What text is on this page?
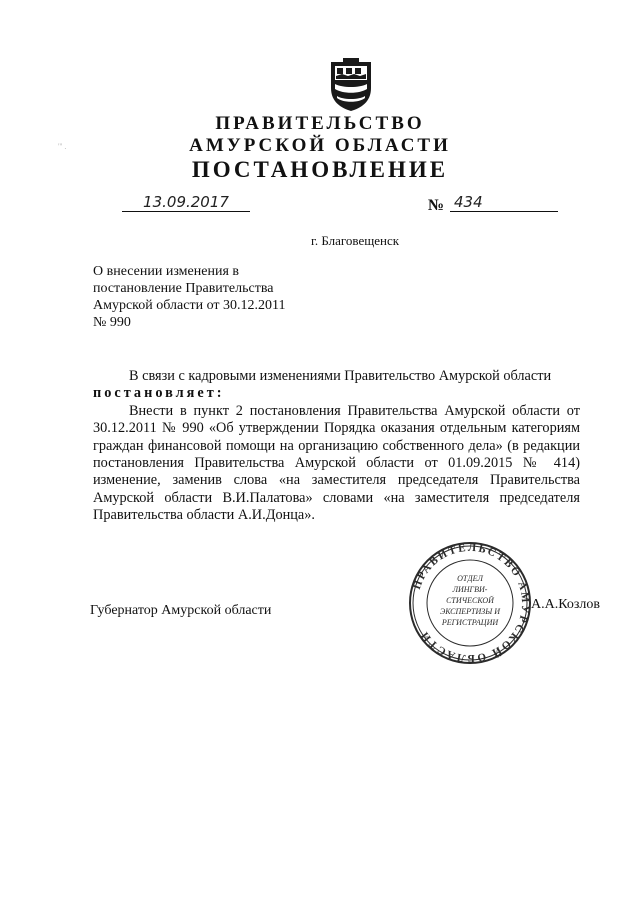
''' .
ПРАВИТЕЛЬСТВО
АМУРСКОЙ ОБЛАСТИ
ПОСТАНОВЛЕНИЕ
13.09.2017	№ 434
г. Благовещенск
О внесении изменения в
постановление Правительства
Амурской области от 30.12.2011
№ 990

В связи с кадровыми изменениями Правительство Амурской области

постановляет:

Внести в пункт 2 постановления Правительства Амурской области от 30.12.2011 № 990 «Об утверждении Порядка оказания отдельным категориям граждан финансовой помощи на организацию собственного дела» (в редакции постановления Правительства Амурской области от 01.09.2015 № 414) изменение, заменив слова «на заместителя председателя Правительства Амурской области В.И.Палатова» словами «на заместителя председателя Правительства области А.И.Донца».

Губернатор Амурской области	А.А.Козлов
ПРАВИТЕЛЬСТВО АМУРСКОЙ ОБЛАСТИ
ОТДЕЛ
ЛИНГВИ-
СТИЧЕСКОЙ
ЭКСПЕРТИЗЫ И
РЕГИСТРАЦИИ
